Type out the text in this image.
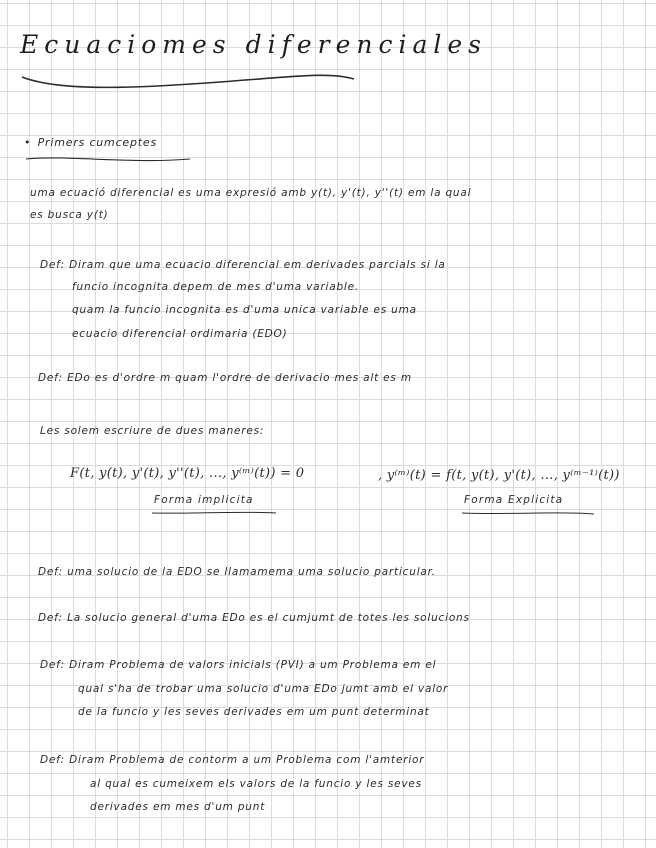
Ecuaciomes diferenciales
• Primers cumceptes
uma ecuació diferencial es uma expresió amb y(t), y'(t), y''(t) em la qual
es busca y(t)
Def: Diram que uma ecuacio diferencial em derivades parcials si la
funcio incognita depem de mes d'uma variable.
quam la funcio incognita es d'uma unica variable es uma
ecuacio diferencial ordimaria (EDO)
Def: EDo es d'ordre m quam l'ordre de derivacio mes alt es m
Les solem escriure de dues maneres:
F(t, y(t), y'(t), y''(t), ..., y⁽ᵐ⁾(t)) = 0	, y⁽ᵐ⁾(t) = f(t, y(t), y'(t), ..., y⁽ᵐ⁻¹⁾(t))
Forma implicita	Forma Explicita
Def: uma solucio de la EDO se llamamema uma solucio particular.
Def: La solucio general d'uma EDo es el cumjumt de totes les solucions
Def: Diram Problema de valors inicials (PVI) a um Problema em el
qual s'ha de trobar uma solucio d'uma EDo jumt amb el valor
de la funcio y les seves derivades em um punt determinat
Def: Diram Problema de contorm a um Problema com l'amterior
al qual es cumeixem els valors de la funcio y les seves
derivades em mes d'um punt
